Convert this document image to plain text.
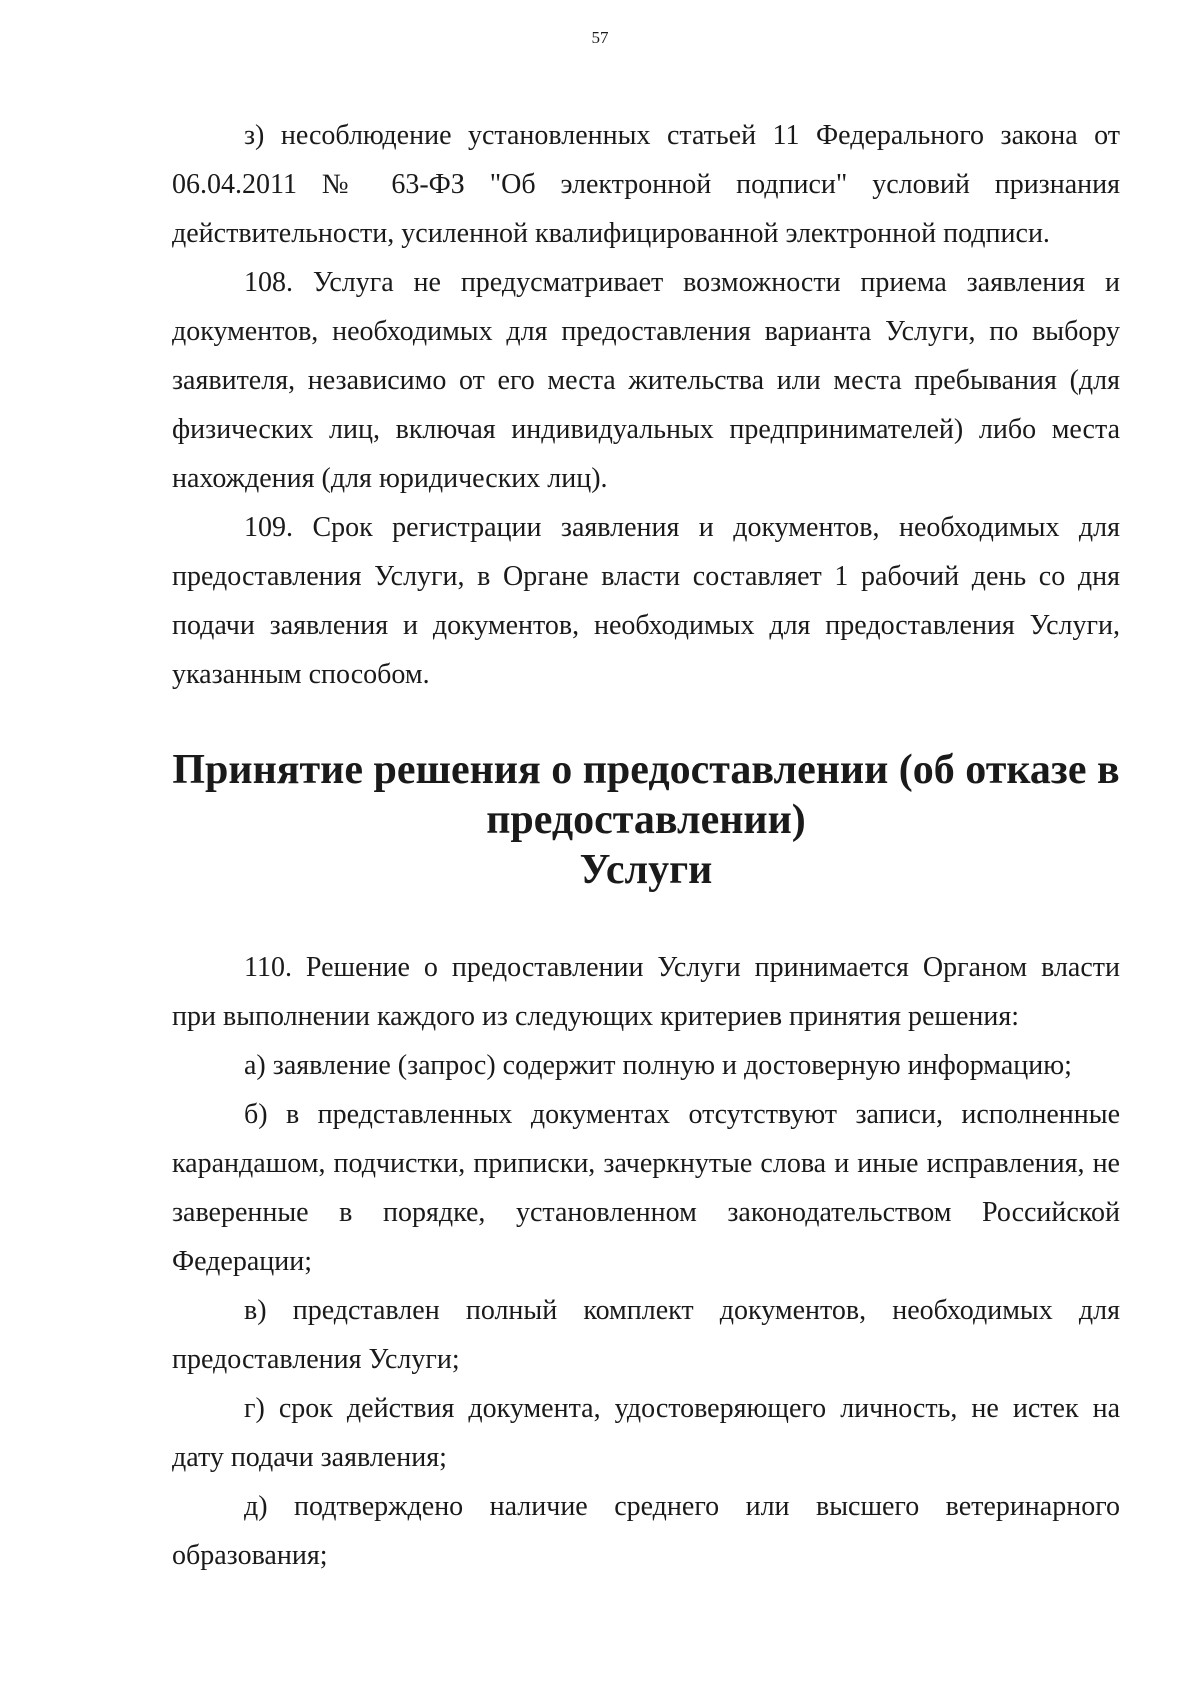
57

з) несоблюдение установленных статьей 11 Федерального закона от 06.04.2011 № 63-ФЗ "Об электронной подписи" условий признания действительности, усиленной квалифицированной электронной подписи.

108. Услуга не предусматривает возможности приема заявления и документов, необходимых для предоставления варианта Услуги, по выбору заявителя, независимо от его места жительства или места пребывания (для физических лиц, включая индивидуальных предпринимателей) либо места нахождения (для юридических лиц).

109. Срок регистрации заявления и документов, необходимых для предоставления Услуги, в Органе власти составляет 1 рабочий день со дня подачи заявления и документов, необходимых для предоставления Услуги, указанным способом.

Принятие решения о предоставлении (об отказе в предоставлении)
Услуги

110. Решение о предоставлении Услуги принимается Органом власти при выполнении каждого из следующих критериев принятия решения:

а) заявление (запрос) содержит полную и достоверную информацию;

б) в представленных документах отсутствуют записи, исполненные карандашом, подчистки, приписки, зачеркнутые слова и иные исправления, не заверенные в порядке, установленном законодательством Российской Федерации;

в) представлен полный комплект документов, необходимых для предоставления Услуги;

г) срок действия документа, удостоверяющего личность, не истек на дату подачи заявления;

д) подтверждено наличие среднего или высшего ветеринарного образования;
